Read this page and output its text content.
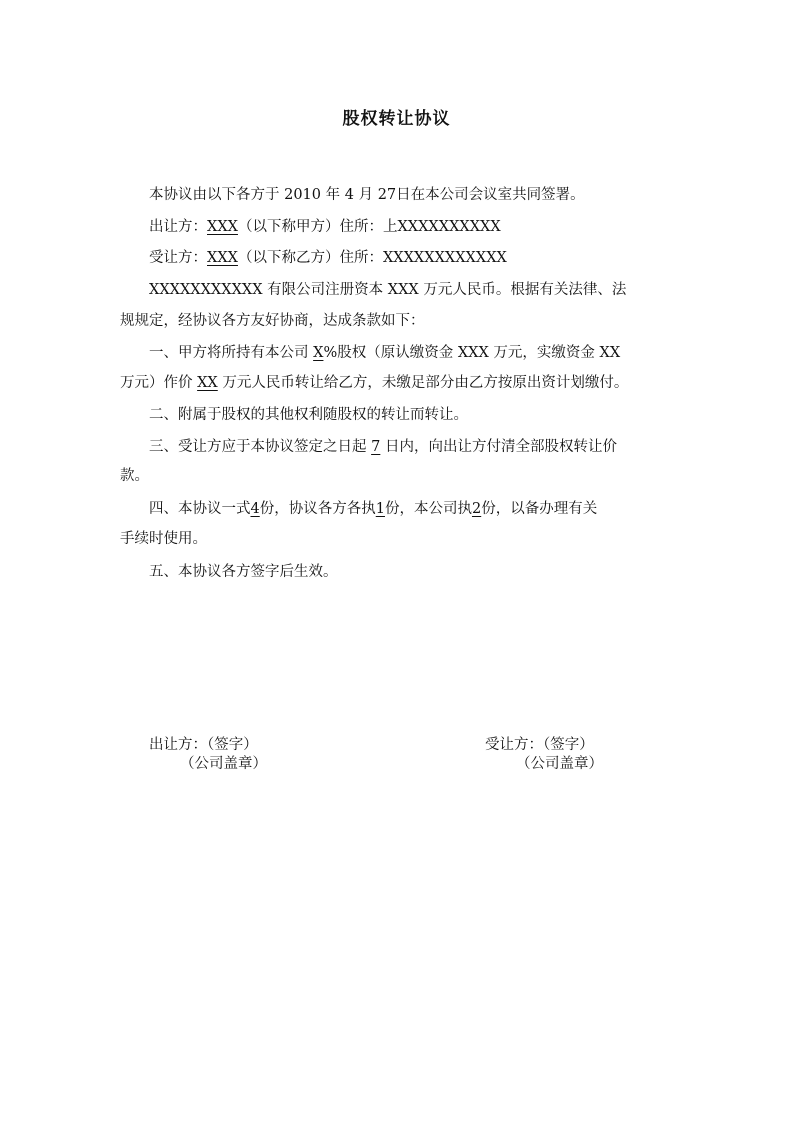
股权转让协议
本协议由以下各方于 2010 年 4 月 27日在本公司会议室共同签署。
出让方：XXX（以下称甲方）住所：上XXXXXXXXXX
受让方：XXX（以下称乙方）住所：XXXXXXXXXXXX
XXXXXXXXXXX 有限公司注册资本 XXX 万元人民币。根据有关法律、法
规规定，经协议各方友好协商，达成条款如下：
一、甲方将所持有本公司 X%股权（原认缴资金 XXX 万元，实缴资金 XX
万元）作价 XX 万元人民币转让给乙方，未缴足部分由乙方按原出资计划缴付。
二、附属于股权的其他权利随股权的转让而转让。
三、受让方应于本协议签定之日起 7 日内，向出让方付清全部股权转让价
款。
四、本协议一式4份，协议各方各执1份，本公司执2份，以备办理有关
手续时使用。
五、本协议各方签字后生效。
出让方：（签字）
（公司盖章）
受让方：（签字）
（公司盖章）
